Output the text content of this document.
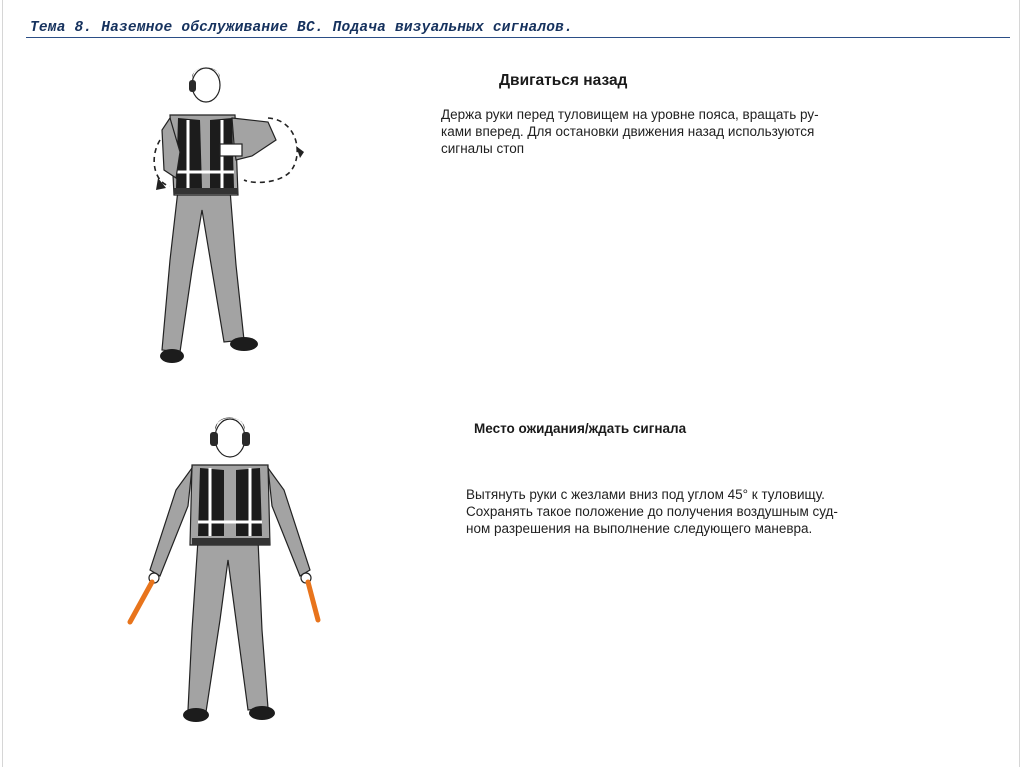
Тема 8. Наземное обслуживание ВС. Подача визуальных сигналов.
Двигаться назад
Держа руки перед туловищем на уровне пояса, вращать ру-
ками вперед. Для остановки движения назад используются
сигналы стоп
Место ожидания/ждать сигнала
Вытянуть руки с жезлами вниз под углом 45° к туловищу.
Сохранять такое положение до получения воздушным суд-
ном разрешения на выполнение следующего маневра.
